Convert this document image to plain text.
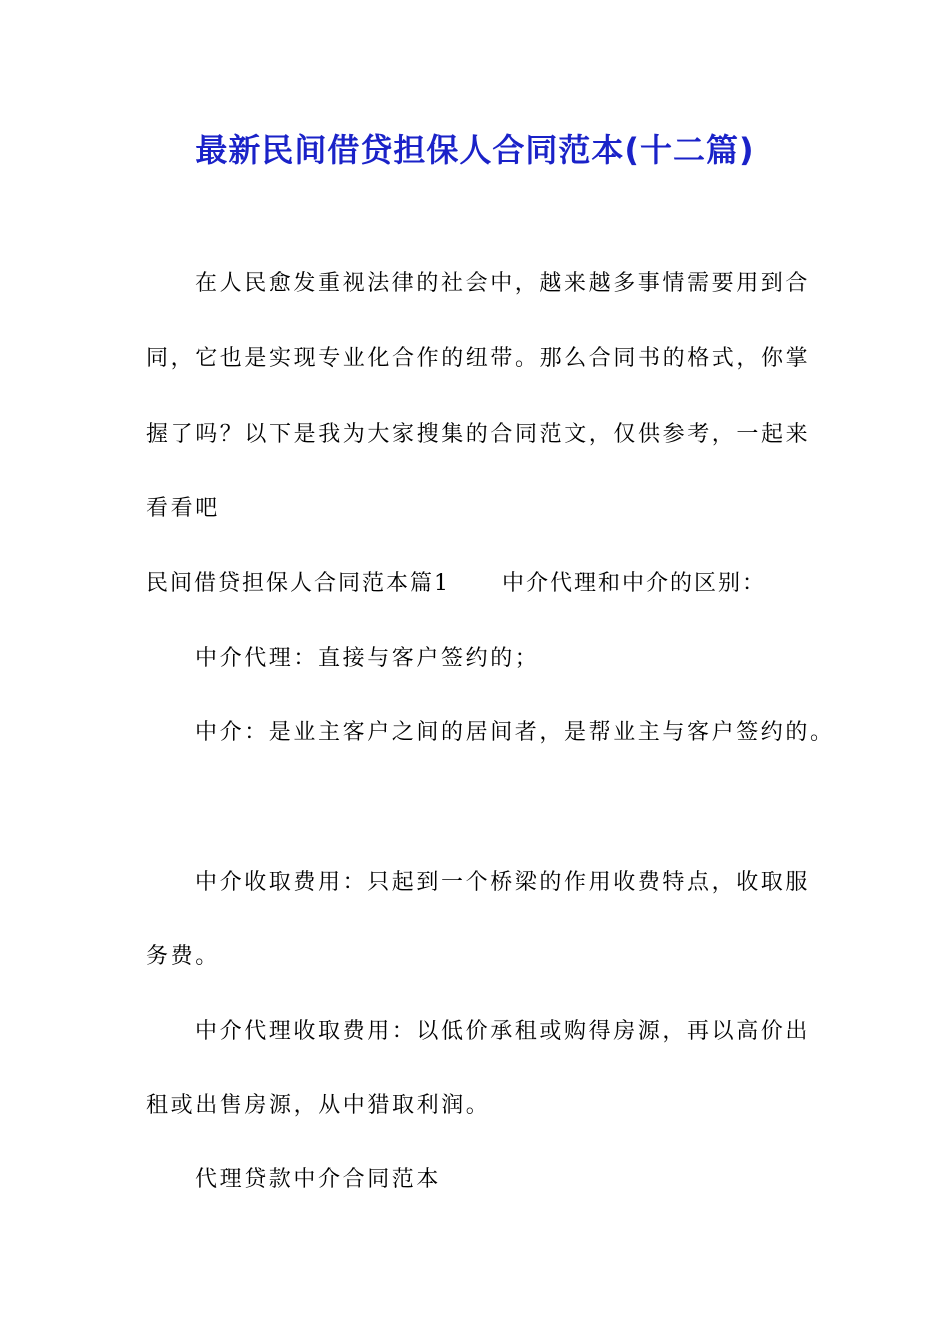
最新民间借贷担保人合同范本(十二篇)
在人民愈发重视法律的社会中，越来越多事情需要用到合
同，它也是实现专业化合作的纽带。那么合同书的格式，你掌
握了吗？以下是我为大家搜集的合同范文，仅供参考，一起来
看看吧
民间借贷担保人合同范本篇1 中介代理和中介的区别：
中介代理：直接与客户签约的；
中介：是业主客户之间的居间者，是帮业主与客户签约的。
中介收取费用：只起到一个桥梁的作用收费特点，收取服
务费。
中介代理收取费用：以低价承租或购得房源，再以高价出
租或出售房源，从中猎取利润。
代理贷款中介合同范本
